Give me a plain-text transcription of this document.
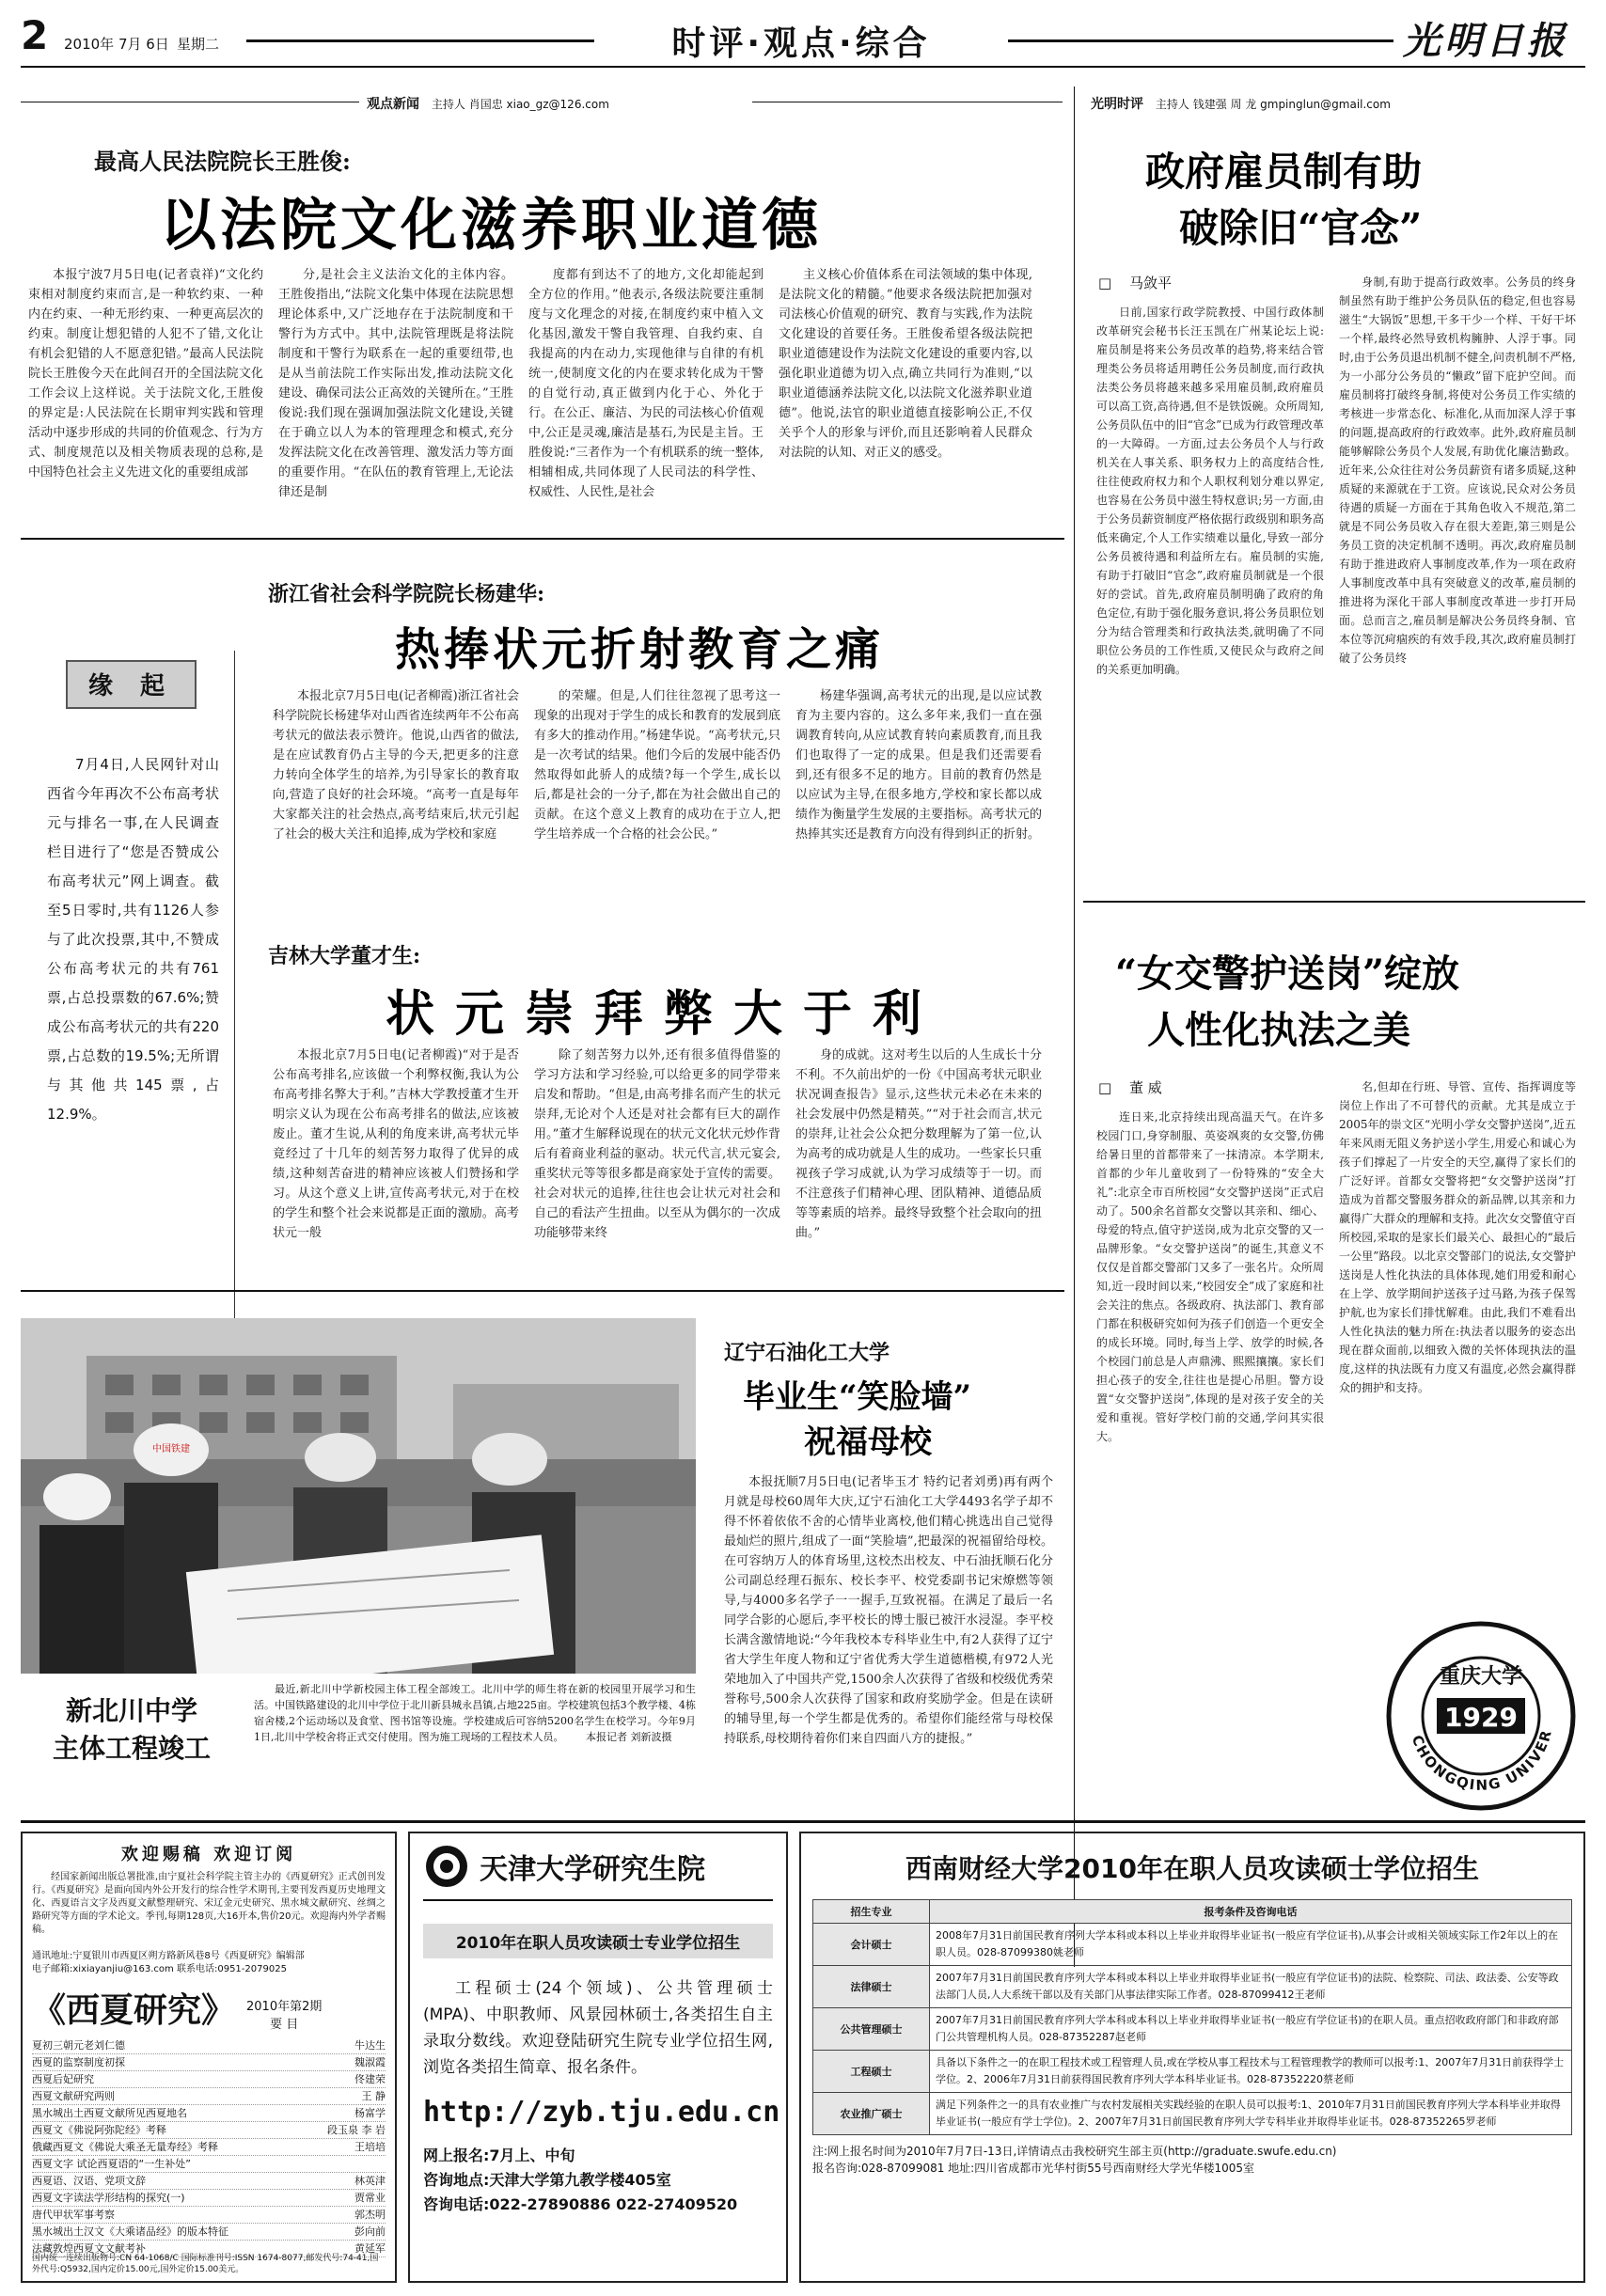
2	2010年 7月 6日 星期二	时评·观点·综合	光明日报
观点新闻 主持人 肖国忠 xiao_gz@126.com	光明时评 主持人 钱建强 周 龙 gmpinglun@gmail.com
最高人民法院院长王胜俊:
以法院文化滋养职业道德

本报宁波7月5日电(记者袁祥)“文化约束相对制度约束而言,是一种软约束、一种内在约束、一种无形约束、一种更高层次的约束。制度让想犯错的人犯不了错,文化让有机会犯错的人不愿意犯错。”最高人民法院院长王胜俊今天在此间召开的全国法院文化工作会议上这样说。关于法院文化,王胜俊的界定是:人民法院在长期审判实践和管理活动中逐步形成的共同的价值观念、行为方式、制度规范以及相关物质表现的总称,是中国特色社会主义先进文化的重要组成部

分,是社会主义法治文化的主体内容。王胜俊指出,“法院文化集中体现在法院思想理论体系中,又广泛地存在于法院制度和干警行为方式中。其中,法院管理既是将法院制度和干警行为联系在一起的重要纽带,也是从当前法院工作实际出发,推动法院文化建设、确保司法公正高效的关键所在。”王胜俊说:我们现在强调加强法院文化建设,关键在于确立以人为本的管理理念和模式,充分发挥法院文化在改善管理、激发活力等方面的重要作用。“在队伍的教育管理上,无论法律还是制

度都有到达不了的地方,文化却能起到全方位的作用。”他表示,各级法院要注重制度与文化理念的对接,在制度约束中植入文化基因,激发干警自我管理、自我约束、自我提高的内在动力,实现他律与自律的有机统一,使制度文化的内在要求转化成为干警的自觉行动,真正做到内化于心、外化于行。在公正、廉洁、为民的司法核心价值观中,公正是灵魂,廉洁是基石,为民是主旨。王胜俊说:“三者作为一个有机联系的统一整体,相辅相成,共同体现了人民司法的科学性、权威性、人民性,是社会

主义核心价值体系在司法领域的集中体现,是法院文化的精髓。”他要求各级法院把加强对司法核心价值观的研究、教育与实践,作为法院文化建设的首要任务。王胜俊希望各级法院把职业道德建设作为法院文化建设的重要内容,以强化职业道德为切入点,确立共同行为准则,“以职业道德涵养法院文化,以法院文化滋养职业道德”。他说,法官的职业道德直接影响公正,不仅关乎个人的形象与评价,而且还影响着人民群众对法院的认知、对正义的感受。

缘 起
7月4日,人民网针对山西省今年再次不公布高考状元与排名一事,在人民调查栏目进行了“您是否赞成公布高考状元”网上调查。截至5日零时,共有1126人参与了此次投票,其中,不赞成公布高考状元的共有761票,占总投票数的67.6%;赞成公布高考状元的共有220票,占总数的19.5%;无所谓与其他共145票,占12.9%。
浙江省社会科学院院长杨建华:
热捧状元折射教育之痛

本报北京7月5日电(记者柳霞)浙江省社会科学院院长杨建华对山西省连续两年不公布高考状元的做法表示赞许。他说,山西省的做法,是在应试教育仍占主导的今天,把更多的注意力转向全体学生的培养,为引导家长的教育取向,营造了良好的社会环境。“高考一直是每年大家都关注的社会热点,高考结束后,状元引起了社会的极大关注和追捧,成为学校和家庭

的荣耀。但是,人们往往忽视了思考这一现象的出现对于学生的成长和教育的发展到底有多大的推动作用。”杨建华说。“高考状元,只是一次考试的结果。他们今后的发展中能否仍然取得如此骄人的成绩?每一个学生,成长以后,都是社会的一分子,都在为社会做出自己的贡献。在这个意义上教育的成功在于立人,把学生培养成一个合格的社会公民。”

杨建华强调,高考状元的出现,是以应试教育为主要内容的。这么多年来,我们一直在强调教育转向,从应试教育转向素质教育,而且我们也取得了一定的成果。但是我们还需要看到,还有很多不足的地方。目前的教育仍然是以应试为主导,在很多地方,学校和家长都以成绩作为衡量学生发展的主要指标。高考状元的热捧其实还是教育方向没有得到纠正的折射。

吉林大学董才生:
状元崇拜弊大于利

本报北京7月5日电(记者柳霞)“对于是否公布高考排名,应该做一个利弊权衡,我认为公布高考排名弊大于利。”吉林大学教授董才生开明宗义认为现在公布高考排名的做法,应该被废止。董才生说,从利的角度来讲,高考状元毕竟经过了十几年的刻苦努力取得了优异的成绩,这种刻苦奋进的精神应该被人们赞扬和学习。从这个意义上讲,宣传高考状元,对于在校的学生和整个社会来说都是正面的激励。高考状元一般

除了刻苦努力以外,还有很多值得借鉴的学习方法和学习经验,可以给更多的同学带来启发和帮助。“但是,由高考排名而产生的状元崇拜,无论对个人还是对社会都有巨大的副作用。”董才生解释说现在的状元文化状元炒作背后有着商业利益的驱动。状元代言,状元宴会,重奖状元等等很多都是商家处于宣传的需要。社会对状元的追捧,往往也会让状元对社会和自己的看法产生扭曲。以至从为偶尔的一次成功能够带来终

身的成就。这对考生以后的人生成长十分不利。不久前出炉的一份《中国高考状元职业状况调查报告》显示,这些状元未必在未来的社会发展中仍然是精英。”“对于社会而言,状元的崇拜,让社会公众把分数理解为了第一位,认为高考的成功就是人生的成功。一些家长只重视孩子学习成就,认为学习成绩等于一切。而不注意孩子们精神心理、团队精神、道德品质等等素质的培养。最终导致整个社会取向的扭曲。”

中国铁建
新北川中学
主体工程竣工
最近,新北川中学新校园主体工程全部竣工。北川中学的师生将在新的校园里开展学习和生活。中国铁路建设的北川中学位于北川新县城永昌镇,占地225亩。学校建筑包括3个教学楼、4栋宿舍楼,2个运动场以及食堂、图书馆等设施。学校建成后可容纳5200名学生在校学习。今年9月1日,北川中学校舍将正式交付使用。图为施工现场的工程技术人员。 本报记者 刘新波摄
辽宁石油化工大学
毕业生“笑脸墙”
祝福母校

本报抚顺7月5日电(记者毕玉才 特约记者刘勇)再有两个月就是母校60周年大庆,辽宁石油化工大学4493名学子却不得不怀着依依不舍的心情毕业离校,他们精心挑选出自己觉得最灿烂的照片,组成了一面“笑脸墙”,把最深的祝福留给母校。在可容纳万人的体育场里,这校杰出校友、中石油抚顺石化分公司副总经理石振东、校长李平、校党委副书记宋燎燃等领导,与4000多名学子一一握手,互致祝福。在满足了最后一名同学合影的心愿后,李平校长的博士服已被汗水浸湿。李平校长满含激情地说:“今年我校本专科毕业生中,有2人获得了辽宁省大学生年度人物和辽宁省优秀大学生道德楷模,有972人光荣地加入了中国共产党,1500余人次获得了省级和校级优秀荣誉称号,500余人次获得了国家和政府奖励学金。但是在读研的辅导里,每一个学生都是优秀的。希望你们能经常与母校保持联系,母校期待着你们来自四面八方的捷报。”

政府雇员制有助
破除旧“官念”
□ 马敛平

日前,国家行政学院教授、中国行政体制改革研究会秘书长汪玉凯在广州某论坛上说:雇员制是将来公务员改革的趋势,将来结合管理类公务员将适用聘任公务员制度,而行政执法类公务员将越来越多采用雇员制,政府雇员可以高工资,高待遇,但不是铁饭碗。众所周知,公务员队伍中的旧“官念”已成为行政管理改革的一大障碍。一方面,过去公务员个人与行政机关在人事关系、职务权力上的高度结合性,往往使政府权力和个人职权利划分难以界定,也容易在公务员中滋生特权意识;另一方面,由于公务员薪资制度严格依据行政级别和职务高低来确定,个人工作实绩难以量化,导致一部分公务员被待遇和利益所左右。雇员制的实施,有助于打破旧“官念”,政府雇员制就是一个很好的尝试。首先,政府雇员制明确了政府的角色定位,有助于强化服务意识,将公务员职位划分为结合管理类和行政执法类,就明确了不同职位公务员的工作性质,又使民众与政府之间的关系更加明确。

身制,有助于提高行政效率。公务员的终身制虽然有助于维护公务员队伍的稳定,但也容易滋生“大锅饭”思想,干多干少一个样、干好干坏一个样,最终必然导致机构臃肿、人浮于事。同时,由于公务员退出机制不健全,问责机制不严格,为一小部分公务员的“懒政”留下庇护空间。而雇员制将打破终身制,将使对公务员工作实绩的考核进一步常态化、标准化,从而加深人浮于事的问题,提高政府的行政效率。此外,政府雇员制能够解除公务员个人发展,有助优化廉洁勤政。近年来,公众往往对公务员薪资有诸多质疑,这种质疑的来源就在于工资。应该说,民众对公务员待遇的质疑一方面在于其角色收入不规范,第二就是不同公务员收入存在很大差距,第三则是公务员工资的决定机制不透明。再次,政府雇员制有助于推进政府人事制度改革,作为一项在政府人事制度改革中具有突破意义的改革,雇员制的推进将为深化干部人事制度改革进一步打开局面。总而言之,雇员制是解决公务员终身制、官本位等沉疴痼疾的有效手段,其次,政府雇员制打破了公务员终

“女交警护送岗”绽放
人性化执法之美
□ 董 威

连日来,北京持续出现高温天气。在许多校园门口,身穿制服、英姿飒爽的女交警,仿佛给暑日里的首都带来了一抹清凉。本学期末,首都的少年儿童收到了一份特殊的“安全大礼”:北京全市百所校园“女交警护送岗”正式启动了。500余名首都女交警以其亲和、细心、母爱的特点,值守护送岗,成为北京交警的又一品牌形象。“女交警护送岗”的诞生,其意义不仅仅是首都交警部门又多了一张名片。众所周知,近一段时间以来,“校园安全”成了家庭和社会关注的焦点。各级政府、执法部门、教育部门都在积极研究如何为孩子们创造一个更安全的成长环境。同时,每当上学、放学的时候,各个校园门前总是人声鼎沸、熙熙攘攘。家长们担心孩子的安全,往往也是提心吊胆。警方设置“女交警护送岗”,体现的是对孩子安全的关爱和重视。管好学校门前的交通,学问其实很大。

名,但却在行班、导管、宣传、指挥调度等岗位上作出了不可替代的贡献。尤其是成立于2005年的崇文区“光明小学女交警护送岗”,近五年来风雨无阻义务护送小学生,用爱心和诚心为孩子们撑起了一片安全的天空,赢得了家长们的广泛好评。首都女交警将把“女交警护送岗”打造成为首都交警服务群众的新品牌,以其亲和力赢得广大群众的理解和支持。此次女交警值守百所校园,采取的是家长们最关心、最担心的“最后一公里”路段。以北京交警部门的说法,女交警护送岗是人性化执法的具体体现,她们用爱和耐心在上学、放学期间护送孩子过马路,为孩子保驾护航,也为家长们排忧解难。由此,我们不难看出人性化执法的魅力所在:执法者以服务的姿态出现在群众面前,以细致入微的关怀体现执法的温度,这样的执法既有力度又有温度,必然会赢得群众的拥护和支持。

1929
重庆大学
CHONGQING UNIVER
欢迎赐稿 欢迎订阅
经国家新闻出版总署批准,由宁夏社会科学院主管主办的《西夏研究》正式创刊发行。《西夏研究》是面向国内外公开发行的综合性学术期刊,主要刊发西夏历史地理文化、西夏语言文字及西夏文献整理研究、宋辽金元史研究、黑水城文献研究、丝绸之路研究等方面的学术论文。季刊,每期128页,大16开本,售价20元。欢迎海内外学者赐稿。
通讯地址:宁夏银川市西夏区朔方路新风巷8号《西夏研究》编辑部
电子邮箱:xixiayanjiu@163.com 联系电话:0951-2079025
《西夏研究》 2010年第2期
要 目
夏初三朝元老刘仁德	牛达生
西夏的监察制度初探	魏淑霞
西夏后妃研究	佟建荣
西夏文献研究两则	王 静
黑水城出土西夏文献所见西夏地名	杨富学
西夏文《佛说阿弥陀经》考释	段玉泉 李 岩
俄藏西夏文《佛说大乘圣无量寿经》考释	王培培
西夏文字 试论西夏语的“一生补处”
西夏语、汉语、党项文辞	林英津
西夏文字读法学形结构的探究(一)	贾常业
唐代甲状军事考察	郭杰明
黑水城出土汉文《大乘诸品经》的版本特征	彭向前
法藏敦煌西夏文文献考补	黄延军
国内统一连续出版物号:CN 64-1068/C 国际标准刊号:ISSN 1674-8077,邮发代号:74-41,国外代号:Q5932,国内定价15.00元,国外定价15.00美元。
天津大学研究生院
2010年在职人员攻读硕士专业学位招生
工程硕士(24个领域)、公共管理硕士(MPA)、中职教师、风景园林硕士,各类招生自主录取分数线。欢迎登陆研究生院专业学位招生网,浏览各类招生简章、报名条件。
http://zyb.tju.edu.cn
网上报名:7月上、中旬
咨询地点:天津大学第九教学楼405室
咨询电话:022-27890886 022-27409520
西南财经大学2010年在职人员攻读硕士学位招生
招生专业	报考条件及咨询电话
会计硕士	2008年7月31日前国民教育序列大学本科或本科以上毕业并取得毕业证书(一般应有学位证书),从事会计或相关领域实际工作2年以上的在职人员。028-87099380姚老师
法律硕士	2007年7月31日前国民教育序列大学本科或本科以上毕业并取得毕业证书(一般应有学位证书)的法院、检察院、司法、政法委、公安等政法部门人员,人大系统干部以及有关部门从事法律实际工作者。028-87099412王老师
公共管理硕士	2007年7月31日前国民教育序列大学本科或本科以上毕业并取得毕业证书(一般应有学位证书)的在职人员。重点招收政府部门和非政府部门公共管理机构人员。028-87352287赵老师
工程硕士	具备以下条件之一的在职工程技术或工程管理人员,或在学校从事工程技术与工程管理教学的教师可以报考:1、2007年7月31日前获得学士学位。2、2006年7月31日前获得国民教育序列大学本科毕业证书。028-87352220蔡老师
农业推广硕士	满足下列条件之一的具有农业推广与农村发展相关实践经验的在职人员可以报考:1、2010年7月31日前国民教育序列大学本科毕业并取得毕业证书(一般应有学士学位)。2、2007年7月31日前国民教育序列大学专科毕业并取得毕业证书。028-87352265罗老师
注:网上报名时间为2010年7月7日-13日,详情请点击我校研究生部主页(http://graduate.swufe.edu.cn)
报名咨询:028-87099081 地址:四川省成都市光华村街55号西南财经大学光华楼1005室
